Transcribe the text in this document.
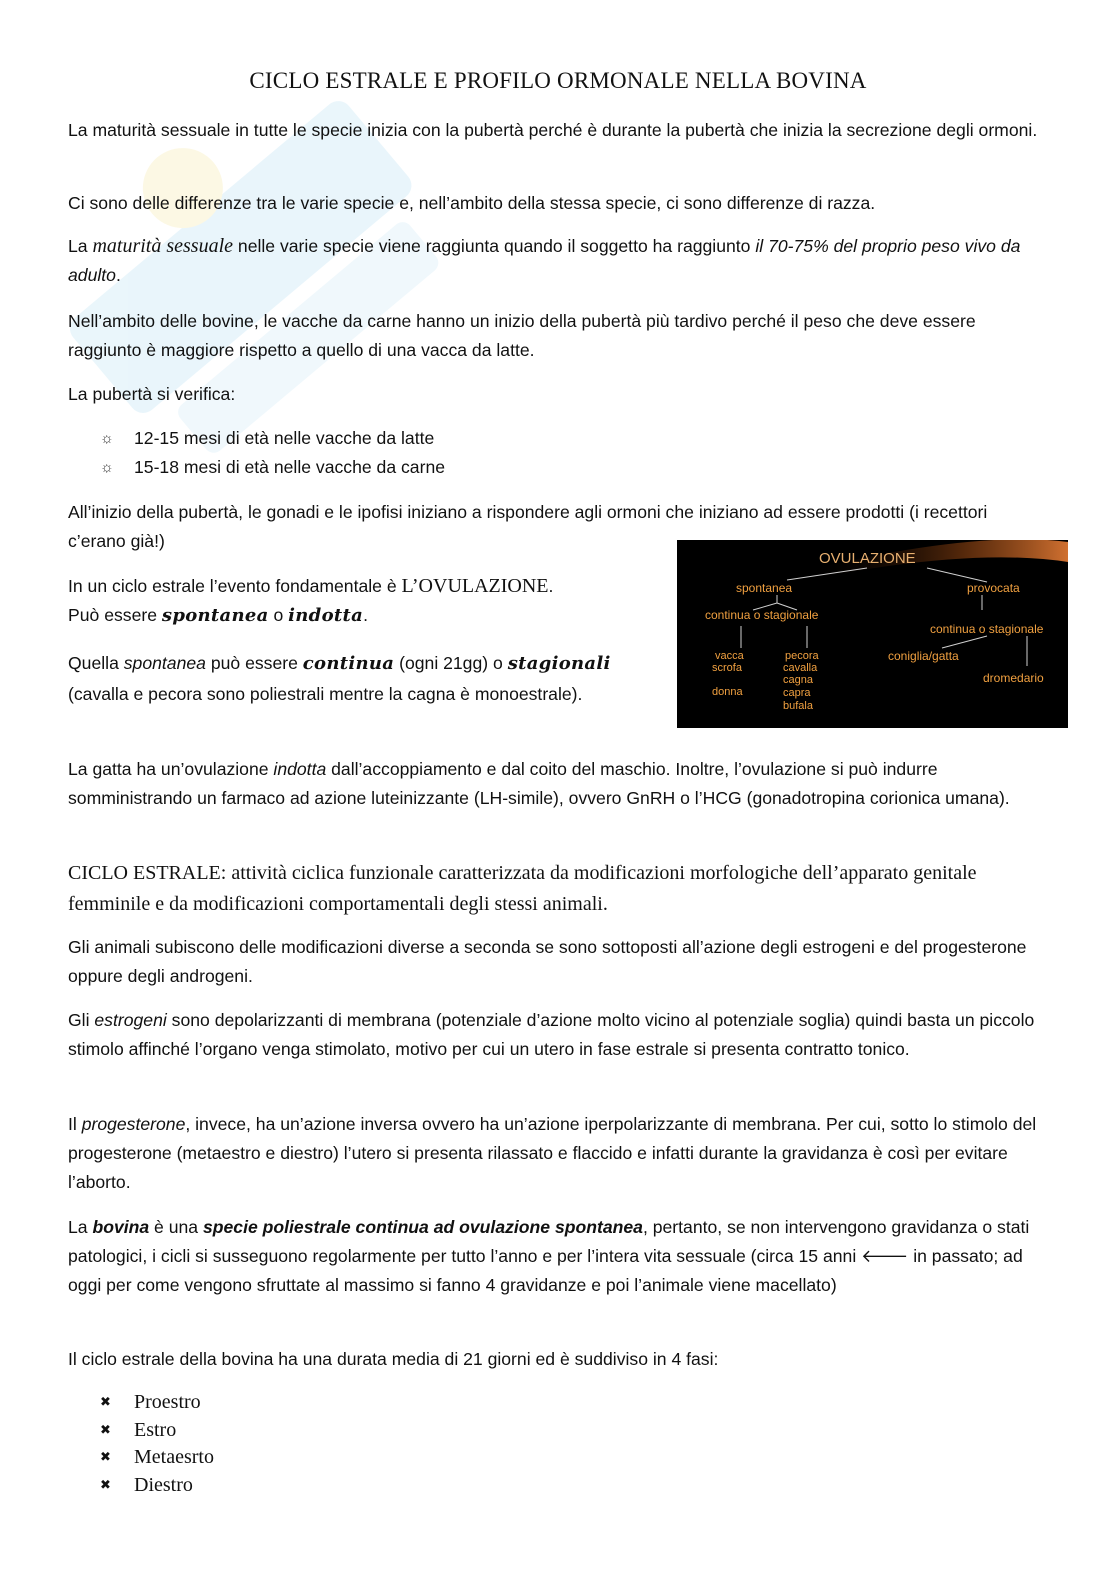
CICLO ESTRALE E PROFILO ORMONALE NELLA BOVINA

La maturità sessuale in tutte le specie inizia con la pubertà perché è durante la pubertà che inizia la secrezione degli ormoni.

Ci sono delle differenze tra le varie specie e, nell’ambito della stessa specie, ci sono differenze di razza.

La maturità sessuale nelle varie specie viene raggiunta quando il soggetto ha raggiunto il 70-75% del proprio peso vivo da adulto.

Nell’ambito delle bovine, le vacche da carne hanno un inizio della pubertà più tardivo perché il peso che deve essere raggiunto è maggiore rispetto a quello di una vacca da latte.

La pubertà si verifica:

☼	12-15 mesi di età nelle vacche da latte
☼	15-18 mesi di età nelle vacche da carne

All’inizio della pubertà, le gonadi e le ipofisi iniziano a rispondere agli ormoni che iniziano ad essere prodotti (i recettori c’erano già!)

In un ciclo estrale l’evento fondamentale è L’OVULAZIONE.
Può essere spontanea o indotta.

Quella spontanea può essere continua (ogni 21gg) o stagionali (cavalla e pecora sono poliestrali mentre la cagna è monoestrale).

OVULAZIONE
spontanea	provocata
continua o stagionale
continua o stagionale
vacca
scrofa
donna
pecora
cavalla
cagna
capra
bufala
coniglia/gatta
dromedario

La gatta ha un’ovulazione indotta dall’accoppiamento e dal coito del maschio. Inoltre, l’ovulazione si può indurre somministrando un farmaco ad azione luteinizzante (LH-simile), ovvero GnRH o l’HCG (gonadotropina corionica umana).

CICLO ESTRALE: attività ciclica funzionale caratterizzata da modificazioni morfologiche dell’apparato genitale femminile e da modificazioni comportamentali degli stessi animali.

Gli animali subiscono delle modificazioni diverse a seconda se sono sottoposti all’azione degli estrogeni e del progesterone oppure degli androgeni.

Gli estrogeni sono depolarizzanti di membrana (potenziale d’azione molto vicino al potenziale soglia) quindi basta un piccolo stimolo affinché l’organo venga stimolato, motivo per cui un utero in fase estrale si presenta contratto tonico.

Il progesterone, invece, ha un’azione inversa ovvero ha un’azione iperpolarizzante di membrana. Per cui, sotto lo stimolo del progesterone (metaestro e diestro) l’utero si presenta rilassato e flaccido e infatti durante la gravidanza è così per evitare l’aborto.

La bovina è una specie poliestrale continua ad ovulazione spontanea, pertanto, se non intervengono gravidanza o stati patologici, i cicli si susseguono regolarmente per tutto l’anno e per l’intera vita sessuale (circa 15 anni 🡐 in passato; ad oggi per come vengono sfruttate al massimo si fanno 4 gravidanze e poi l’animale viene macellato)

Il ciclo estrale della bovina ha una durata media di 21 giorni ed è suddiviso in 4 fasi:

✖	Proestro
✖	Estro
✖	Metaesrto
✖	Diestro
